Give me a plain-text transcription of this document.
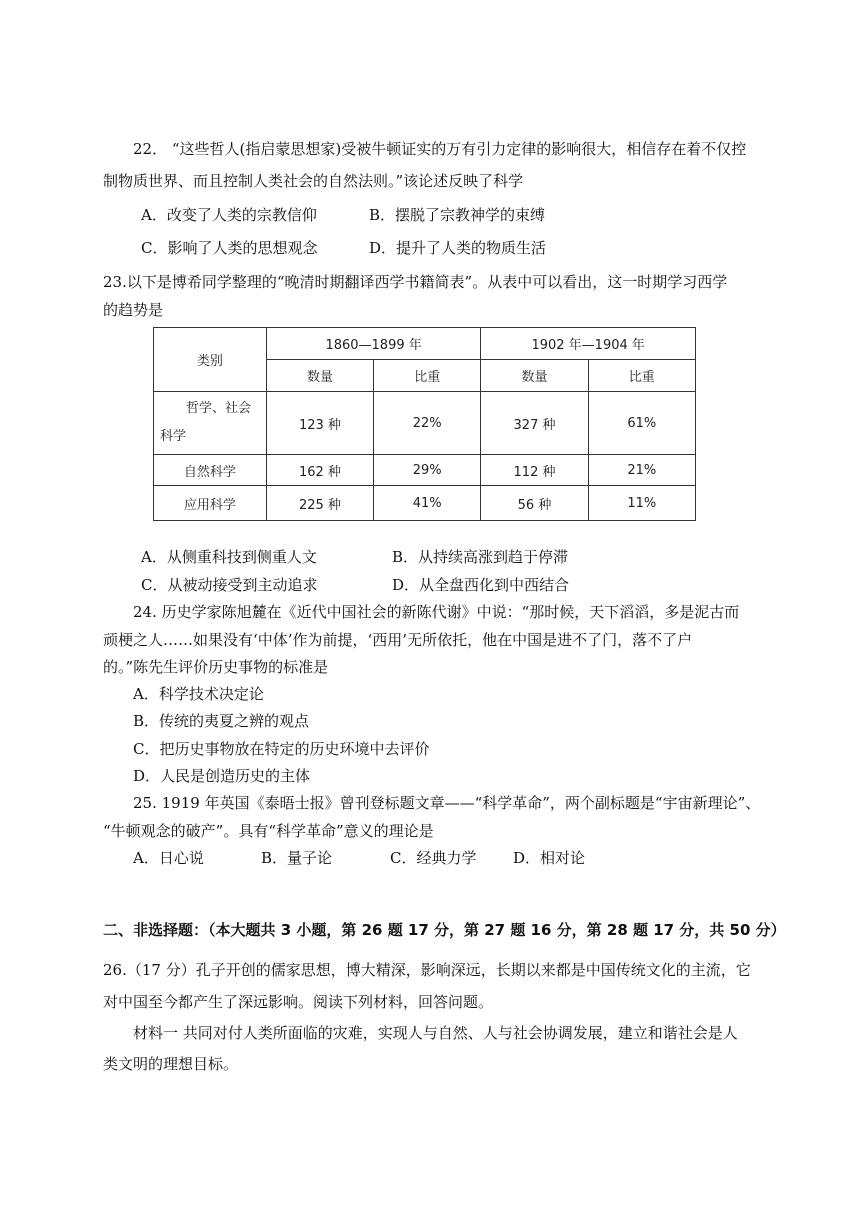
22． “这些哲人(指启蒙思想家)受被牛顿证实的万有引力定律的影响很大，相信存在着不仅控
制物质世界、而且控制人类社会的自然法则。”该论述反映了科学
A．改变了人类的宗教信仰	B．摆脱了宗教神学的束缚
C．影响了人类的思想观念	D．提升了人类的物质生活
23.以下是博希同学整理的“晚清时期翻译西学书籍简表”。从表中可以看出，这一时期学习西学
的趋势是
类别	1860—1899 年		1902 年—1904 年	
	数量	比重	数量	比重

哲学、社会
科学	123 种	22%	327 种	61%
自然科学	162 种	29%	112 种	21%
应用科学	225 种	41%	56 种	11%
A．从侧重科技到侧重人文	B．从持续高涨到趋于停滞
C．从被动接受到主动追求	D．从全盘西化到中西结合
24. 历史学家陈旭麓在《近代中国社会的新陈代谢》中说：“那时候，天下滔滔，多是泥古而
顽梗之人……如果没有‘中体’作为前提，‘西用’无所依托，他在中国是进不了门，落不了户
的。”陈先生评价历史事物的标准是
A．科学技术决定论
B．传统的夷夏之辨的观点
C．把历史事物放在特定的历史环境中去评价
D．人民是创造历史的主体
25. 1919 年英国《泰晤士报》曾刊登标题文章——“科学革命”，两个副标题是“宇宙新理论”、
“牛顿观念的破产”。具有“科学革命”意义的理论是
A．日心说	B．量子论	C．经典力学 D．相对论
二、非选择题：（本大题共 3 小题，第 26 题 17 分，第 27 题 16 分，第 28 题 17 分，共 50 分）
26.（17 分）孔子开创的儒家思想，博大精深，影响深远，长期以来都是中国传统文化的主流，它
对中国至今都产生了深远影响。阅读下列材料，回答问题。
材料一 共同对付人类所面临的灾难，实现人与自然、人与社会协调发展，建立和谐社会是人
类文明的理想目标。
